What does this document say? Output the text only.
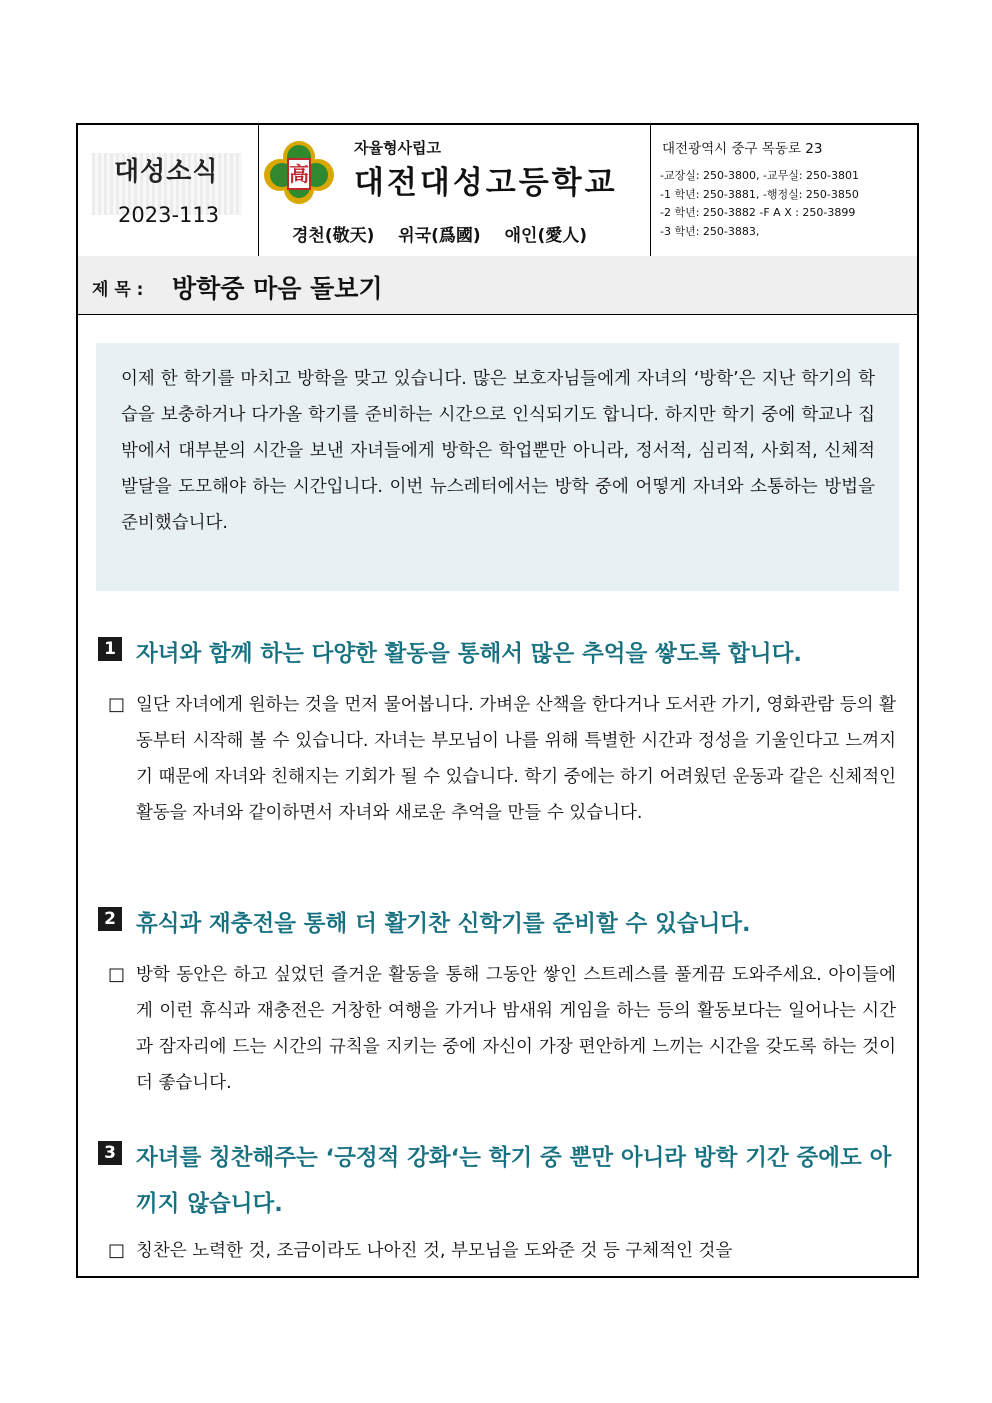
대성소식
2023-113
高
자율형사립고
대전대성고등학교
경천(敬天) 위국(爲國) 애인(愛人)
대전광역시 중구 목동로 23
-교장실: 250-3800, -교무실: 250-3801
-1 학년: 250-3881, -행정실: 250-3850
-2 학년: 250-3882 -F A X : 250-3899
-3 학년: 250-3883,
제 목 : 방학중 마음 돌보기
이제 한 학기를 마치고 방학을 맞고 있습니다. 많은 보호자님들에게 자녀의 ‘방학’은 지난 학기의 학습을 보충하거나 다가올 학기를 준비하는 시간으로 인식되기도 합니다. 하지만 학기 중에 학교나 집 밖에서 대부분의 시간을 보낸 자녀들에게 방학은 학업뿐만 아니라, 정서적, 심리적, 사회적, 신체적 발달을 도모해야 하는 시간입니다. 이번 뉴스레터에서는 방학 중에 어떻게 자녀와 소통하는 방법을 준비했습니다.
1 자녀와 함께 하는 다양한 활동을 통해서 많은 추억을 쌓도록 합니다.
□ 일단 자녀에게 원하는 것을 먼저 물어봅니다. 가벼운 산책을 한다거나 도서관 가기, 영화관람 등의 활동부터 시작해 볼 수 있습니다. 자녀는 부모님이 나를 위해 특별한 시간과 정성을 기울인다고 느껴지기 때문에 자녀와 친해지는 기회가 될 수 있습니다. 학기 중에는 하기 어려웠던 운동과 같은 신체적인 활동을 자녀와 같이하면서 자녀와 새로운 추억을 만들 수 있습니다.
2 휴식과 재충전을 통해 더 활기찬 신학기를 준비할 수 있습니다.
□ 방학 동안은 하고 싶었던 즐거운 활동을 통해 그동안 쌓인 스트레스를 풀게끔 도와주세요. 아이들에게 이런 휴식과 재충전은 거창한 여행을 가거나 밤새워 게임을 하는 등의 활동보다는 일어나는 시간과 잠자리에 드는 시간의 규칙을 지키는 중에 자신이 가장 편안하게 느끼는 시간을 갖도록 하는 것이 더 좋습니다.
3 자녀를 칭찬해주는 ‘긍정적 강화‘는 학기 중 뿐만 아니라 방학 기간 중에도 아끼지 않습니다.
□ 칭찬은 노력한 것, 조금이라도 나아진 것, 부모님을 도와준 것 등 구체적인 것을
